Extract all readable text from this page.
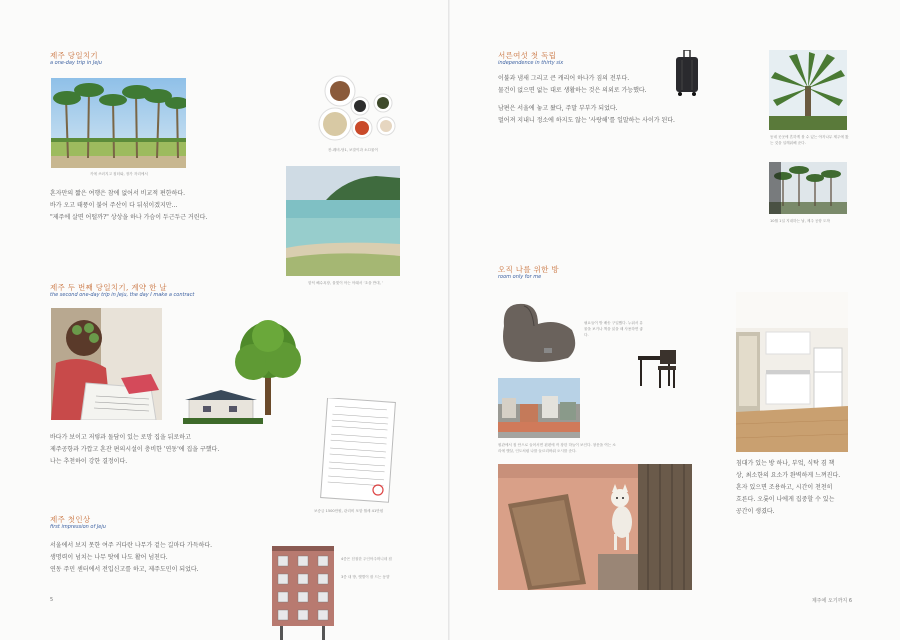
제주 당일치기
a one-day trip in Jeju
키에 쓰러지고 집터와, 장가 자리에서
잔-레비-당1, 보말이과 소끄물이
혼자만의 짧은 여행은 참에 없어서 비교적 편한하다.
바가 오고 태풍이 불어 주산이 다 뒤섞이겠지만...
"제주에 살면 어떨까?" 상상을 하나 가슴이 두근두근 거린다.
함덕 해수욕장, 물빛이 아는 아래서 ‘초을 반대, ’
제주 두 번째 당일치기, 계약 한 날
the second one-day trip in Jeju, the day I make a contract
보증금 1500만원, 관리비 포함 월세 41만원
바다가 보이고 저렇과 돌담이 있는 로망 집을 뒤로하고
제주공항과 가깝고 혼잔 편의시설이 충비한 '연동'에 집을 구했다.
나는 추천하이 강한 결정이다.
제주 첫인상
first impression of Jeju
서울에서 보지 못한 여주 커다란 나무가 겉는 길마다 가득하다.
생명력이 넘치는 나무 탓에 나도 활어 넘친다.
연동 주민 센터에서 전입신고를 하고, 제주도민이 되었다.
4층은 친절한 주인아주머니네 집
3층 내 방, 햇볕이 잘 드는 동향
5
서른여섯 첫 독립
independence in thirty six
이불과 냄새 그리고 큰 캐리어 하나가 짐의 전부다.
물건이 없으면 없는 대로 생활하는 것은 의외로 가능했다.
남편은 서울에 놓고 왔다, 주말 부부가 되었다.
멀어져 지내니 정소에 하지도 않는 '사랑해'를 일말하는 사이가 된다.
동네 곳곳에 흔하게 볼 수 있는 야자나무 제주에 왔는 것을 일깨워해 준다.
10월 1일 지내하는 날, 제주 공항 도착
오직 나를 위한 방
room only for me
필요들이 방 배송 구입했다. 누워서 유물을 보거나 책을 읽을 때 사용하면 좋다.
원관에서 집 안으로 들어서면 왼편에 작 창한 하늘이 보인다. 창문을 여는 소리에 햇살, 인도처럼 나를 들르리바위 오시를 준다.
침대가 있는 방 하나, 부엌, 식탁 겸 책
상, 최소한의 요소가 완벽하게 느껴진다.
혼자 있으면 조용하고, 시간이 천천히
흐른다. 오롯이 나에게 집중할 수 있는
공간이 생겼다.
제주에 오기까지 6
